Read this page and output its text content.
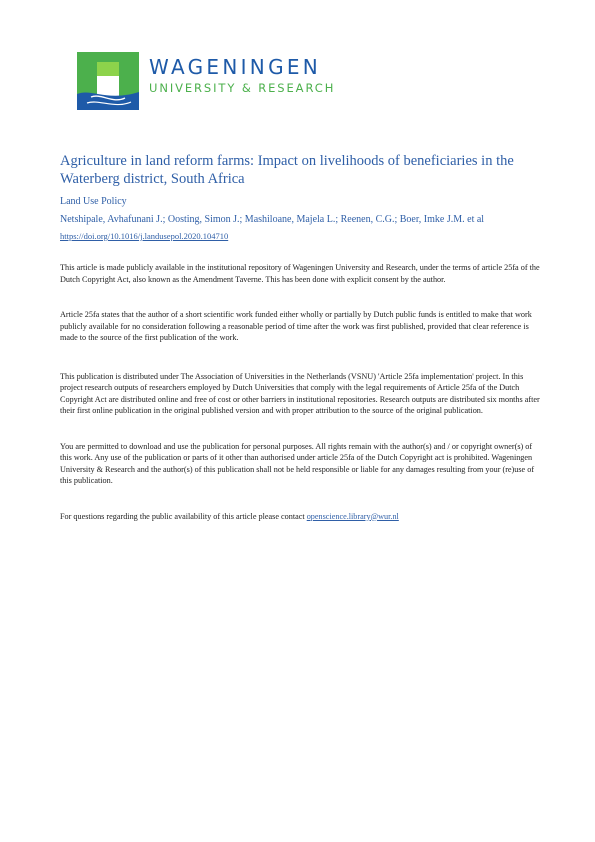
WAGENINGEN
UNIVERSITY & RESEARCH
Agriculture in land reform farms: Impact on livelihoods of beneficiaries in the Waterberg district, South Africa
Land Use Policy
Netshipale, Avhafunani J.; Oosting, Simon J.; Mashiloane, Majela L.; Reenen, C.G.; Boer, Imke J.M. et al
https://doi.org/10.1016/j.landusepol.2020.104710

This article is made publicly available in the institutional repository of Wageningen University and Research, under the terms of article 25fa of the Dutch Copyright Act, also known as the Amendment Taverne. This has been done with explicit consent by the author.

Article 25fa states that the author of a short scientific work funded either wholly or partially by Dutch public funds is entitled to make that work publicly available for no consideration following a reasonable period of time after the work was first published, provided that clear reference is made to the source of the first publication of the work.

This publication is distributed under The Association of Universities in the Netherlands (VSNU) 'Article 25fa implementation' project. In this project research outputs of researchers employed by Dutch Universities that comply with the legal requirements of Article 25fa of the Dutch Copyright Act are distributed online and free of cost or other barriers in institutional repositories. Research outputs are distributed six months after their first online publication in the original published version and with proper attribution to the source of the original publication.

You are permitted to download and use the publication for personal purposes. All rights remain with the author(s) and / or copyright owner(s) of this work. Any use of the publication or parts of it other than authorised under article 25fa of the Dutch Copyright act is prohibited. Wageningen University & Research and the author(s) of this publication shall not be held responsible or liable for any damages resulting from your (re)use of this publication.

For questions regarding the public availability of this article please contact openscience.library@wur.nl
